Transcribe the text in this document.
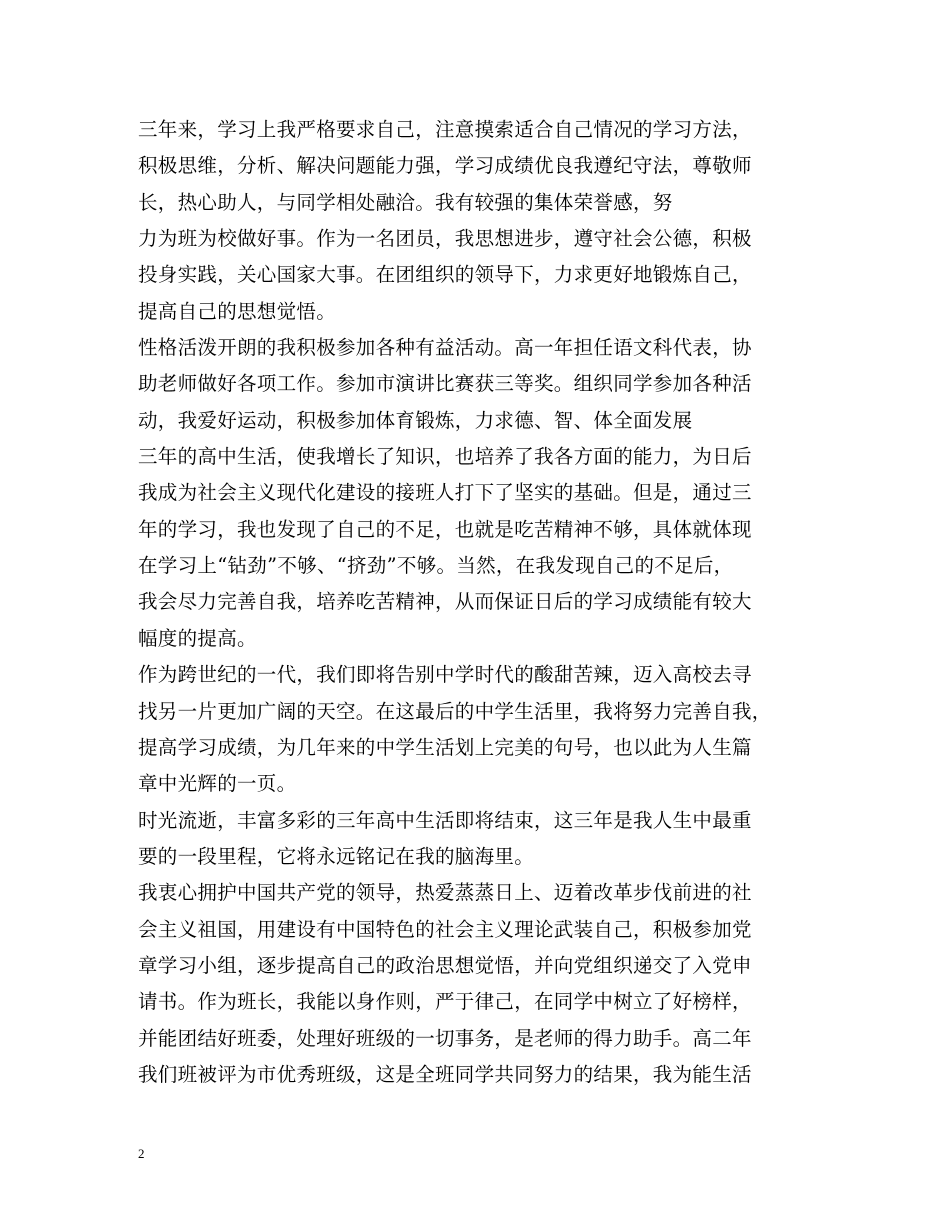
三年来，学习上我严格要求自己，注意摸索适合自己情况的学习方法，
积极思维，分析、解决问题能力强，学习成绩优良我遵纪守法，尊敬师
长，热心助人，与同学相处融洽。我有较强的集体荣誉感，努
力为班为校做好事。作为一名团员，我思想进步，遵守社会公德，积极
投身实践，关心国家大事。在团组织的领导下，力求更好地锻炼自己，
提高自己的思想觉悟。
性格活泼开朗的我积极参加各种有益活动。高一年担任语文科代表，协
助老师做好各项工作。参加市演讲比赛获三等奖。组织同学参加各种活
动，我爱好运动，积极参加体育锻炼，力求德、智、体全面发展
三年的高中生活，使我增长了知识，也培养了我各方面的能力，为日后
我成为社会主义现代化建设的接班人打下了坚实的基础。但是，通过三
年的学习，我也发现了自己的不足，也就是吃苦精神不够，具体就体现
在学习上“钻劲”不够、“挤劲”不够。当然，在我发现自己的不足后，
我会尽力完善自我，培养吃苦精神，从而保证日后的学习成绩能有较大
幅度的提高。
作为跨世纪的一代，我们即将告别中学时代的酸甜苦辣，迈入高校去寻
找另一片更加广阔的天空。在这最后的中学生活里，我将努力完善自我，
提高学习成绩，为几年来的中学生活划上完美的句号，也以此为人生篇
章中光辉的一页。
时光流逝，丰富多彩的三年高中生活即将结束，这三年是我人生中最重
要的一段里程，它将永远铭记在我的脑海里。
我衷心拥护中国共产党的领导，热爱蒸蒸日上、迈着改革步伐前进的社
会主义祖国，用建设有中国特色的社会主义理论武装自己，积极参加党
章学习小组，逐步提高自己的政治思想觉悟，并向党组织递交了入党申
请书。作为班长，我能以身作则，严于律己，在同学中树立了好榜样，
并能团结好班委，处理好班级的一切事务，是老师的得力助手。高二年
我们班被评为市优秀班级，这是全班同学共同努力的结果，我为能生活
2
